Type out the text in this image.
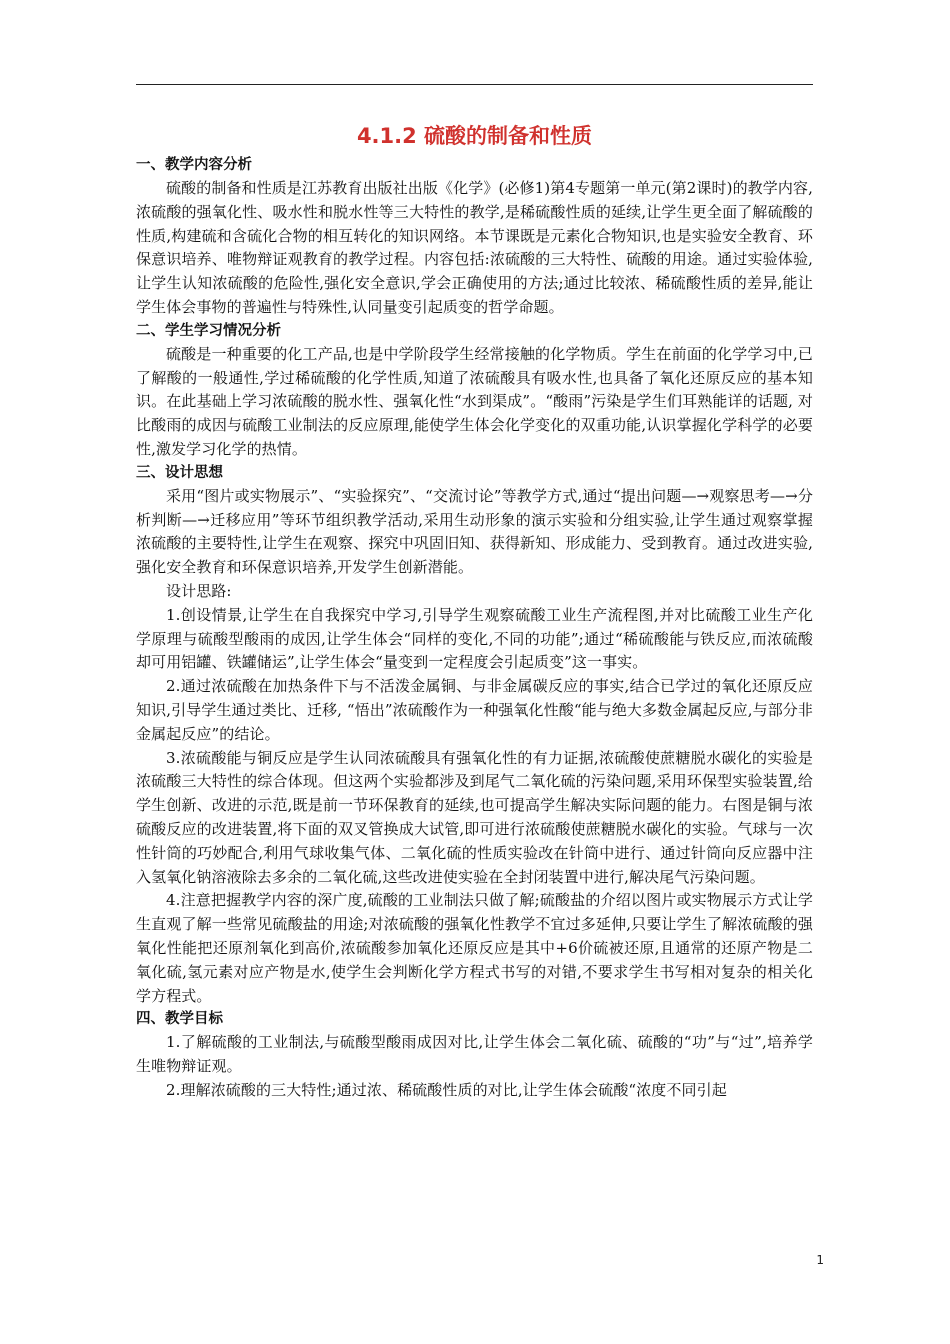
4.1.2 硫酸的制备和性质
一、教学内容分析

硫酸的制备和性质是江苏教育出版社出版《化学》(必修1)第4专题第一单元(第2课时)的教学内容,浓硫酸的强氧化性、吸水性和脱水性等三大特性的教学,是稀硫酸性质的延续,让学生更全面了解硫酸的性质,构建硫和含硫化合物的相互转化的知识网络。本节课既是元素化合物知识,也是实验安全教育、环保意识培养、唯物辩证观教育的教学过程。内容包括:浓硫酸的三大特性、硫酸的用途。通过实验体验,让学生认知浓硫酸的危险性,强化安全意识,学会正确使用的方法;通过比较浓、稀硫酸性质的差异,能让学生体会事物的普遍性与特殊性,认同量变引起质变的哲学命题。

二、学生学习情况分析

硫酸是一种重要的化工产品,也是中学阶段学生经常接触的化学物质。学生在前面的化学学习中,已了解酸的一般通性,学过稀硫酸的化学性质,知道了浓硫酸具有吸水性,也具备了氧化还原反应的基本知识。在此基础上学习浓硫酸的脱水性、强氧化性“水到渠成”。“酸雨”污染是学生们耳熟能详的话题, 对比酸雨的成因与硫酸工业制法的反应原理,能使学生体会化学变化的双重功能,认识掌握化学科学的必要性,激发学习化学的热情。

三、设计思想

采用“图片或实物展示”、“实验探究”、“交流讨论”等教学方式,通过“提出问题—→观察思考—→分析判断—→迁移应用”等环节组织教学活动,采用生动形象的演示实验和分组实验,让学生通过观察掌握浓硫酸的主要特性,让学生在观察、探究中巩固旧知、获得新知、形成能力、受到教育。通过改进实验,强化安全教育和环保意识培养,开发学生创新潜能。

设计思路:

1.创设情景,让学生在自我探究中学习,引导学生观察硫酸工业生产流程图,并对比硫酸工业生产化学原理与硫酸型酸雨的成因,让学生体会“同样的变化,不同的功能”;通过“稀硫酸能与铁反应,而浓硫酸却可用铝罐、铁罐储运”,让学生体会“量变到一定程度会引起质变”这一事实。

2.通过浓硫酸在加热条件下与不活泼金属铜、与非金属碳反应的事实,结合已学过的氧化还原反应知识,引导学生通过类比、迁移, “悟出”浓硫酸作为一种强氧化性酸“能与绝大多数金属起反应,与部分非金属起反应”的结论。

3.浓硫酸能与铜反应是学生认同浓硫酸具有强氧化性的有力证据,浓硫酸使蔗糖脱水碳化的实验是浓硫酸三大特性的综合体现。但这两个实验都涉及到尾气二氧化硫的污染问题,采用环保型实验装置,给学生创新、改进的示范,既是前一节环保教育的延续,也可提高学生解决实际问题的能力。右图是铜与浓硫酸反应的改进装置,将下面的双叉管换成大试管,即可进行浓硫酸使蔗糖脱水碳化的实验。气球与一次性针筒的巧妙配合,利用气球收集气体、二氧化硫的性质实验改在针筒中进行、通过针筒向反应器中注入氢氧化钠溶液除去多余的二氧化硫,这些改进使实验在全封闭装置中进行,解决尾气污染问题。

4.注意把握教学内容的深广度,硫酸的工业制法只做了解;硫酸盐的介绍以图片或实物展示方式让学生直观了解一些常见硫酸盐的用途;对浓硫酸的强氧化性教学不宜过多延伸,只要让学生了解浓硫酸的强氧化性能把还原剂氧化到高价,浓硫酸参加氧化还原反应是其中+6价硫被还原,且通常的还原产物是二氧化硫,氢元素对应产物是水,使学生会判断化学方程式书写的对错,不要求学生书写相对复杂的相关化学方程式。

四、教学目标

1.了解硫酸的工业制法,与硫酸型酸雨成因对比,让学生体会二氧化硫、硫酸的“功”与“过”,培养学生唯物辩证观。

2.理解浓硫酸的三大特性;通过浓、稀硫酸性质的对比,让学生体会硫酸“浓度不同引起

1
